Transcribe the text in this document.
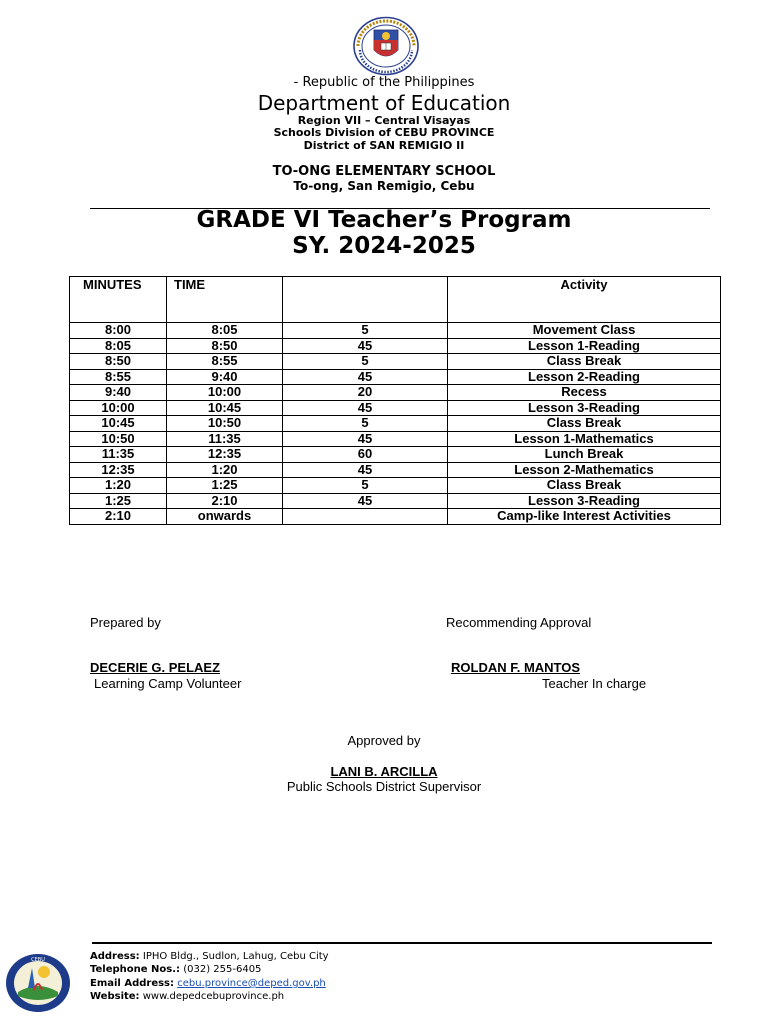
- Republic of the Philippines
Department of Education
Region VII – Central Visayas
Schools Division of CEBU PROVINCE
District of SAN REMIGIO II
TO-ONG ELEMENTARY SCHOOL
To-ong, San Remigio, Cebu
GRADE VI Teacher’s Program
SY. 2024-2025
MINUTES	TIME		Activity
8:00	8:05	5	Movement Class
8:05	8:50	45	Lesson 1-Reading
8:50	8:55	5	Class Break
8:55	9:40	45	Lesson 2-Reading
9:40	10:00	20	Recess
10:00	10:45	45	Lesson 3-Reading
10:45	10:50	5	Class Break
10:50	11:35	45	Lesson 1-Mathematics
11:35	12:35	60	Lunch Break
12:35	1:20	45	Lesson 2-Mathematics
1:20	1:25	5	Class Break
1:25	2:10	45	Lesson 3-Reading
2:10	onwards		Camp-like Interest Activities
Prepared by	Recommending Approval
DECERIE G. PELAEZ
Learning Camp Volunteer
ROLDAN F. MANTOS
Teacher In charge
Approved by
LANI B. ARCILLA
Public Schools District Supervisor
CEBU	Address: IPHO Bldg., Sudlon, Lahug, Cebu City
Telephone Nos.: (032) 255-6405
Email Address: cebu.province@deped.gov.ph
Website: www.depedcebuprovince.ph
